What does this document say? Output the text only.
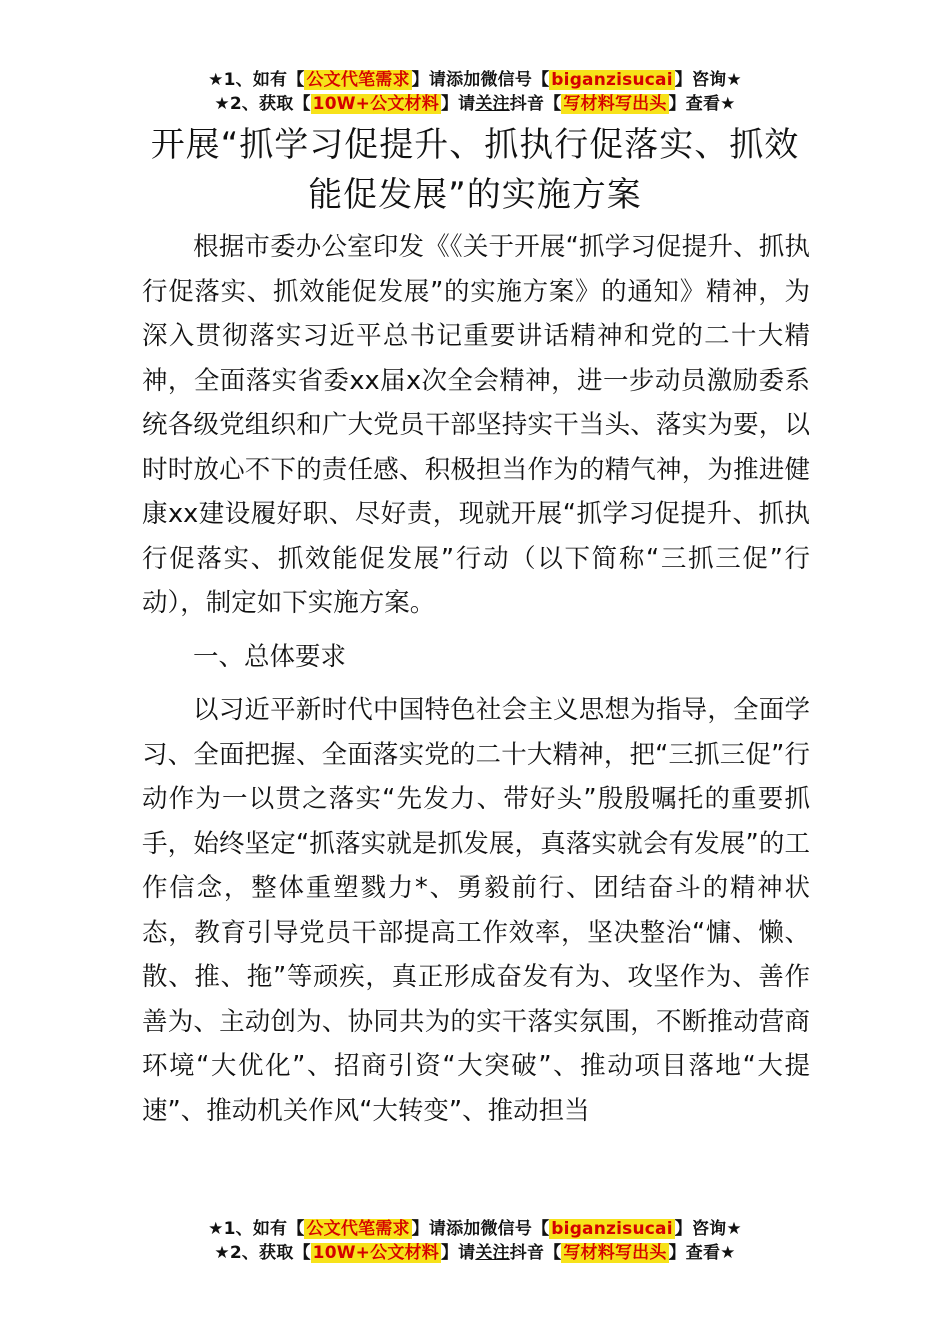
★1、如有【 公文代笔需求 】请添加微信号【 biganzisucai 】咨询★
★2、获取【 10W+公文材料 】请关注抖音【 写材料写出头 】查看★
开展“抓学习促提升、抓执行促落实、抓效
能促发展”的实施方案

根据市委办公室印发《《关于开展“抓学习促提升、抓执行促落实、抓效能促发展”的实施方案》的通知》精神，为深入贯彻落实习近平总书记重要讲话精神和党的二十大精神，全面落实省委xx届x次全会精神，进一步动员激励委系统各级党组织和广大党员干部坚持实干当头、落实为要，以时时放心不下的责任感、积极担当作为的精气神，为推进健康xx建设履好职、尽好责，现就开展“抓学习促提升、抓执行促落实、抓效能促发展”行动（以下简称“三抓三促”行动），制定如下实施方案。

一、总体要求

以习近平新时代中国特色社会主义思想为指导，全面学习、全面把握、全面落实党的二十大精神，把“三抓三促”行动作为一以贯之落实“先发力、带好头”殷殷嘱托的重要抓手，始终坚定“抓落实就是抓发展，真落实就会有发展”的工作信念，整体重塑戮力*、勇毅前行、团结奋斗的精神状态，教育引导党员干部提高工作效率，坚决整治“慵、懒、散、推、拖”等顽疾，真正形成奋发有为、攻坚作为、善作善为、主动创为、协同共为的实干落实氛围，不断推动营商环境“大优化”、招商引资“大突破”、推动项目落地“大提速”、推动机关作风“大转变”、推动担当

★1、如有【 公文代笔需求 】请添加微信号【 biganzisucai 】咨询★
★2、获取【 10W+公文材料 】请关注抖音【 写材料写出头 】查看★
